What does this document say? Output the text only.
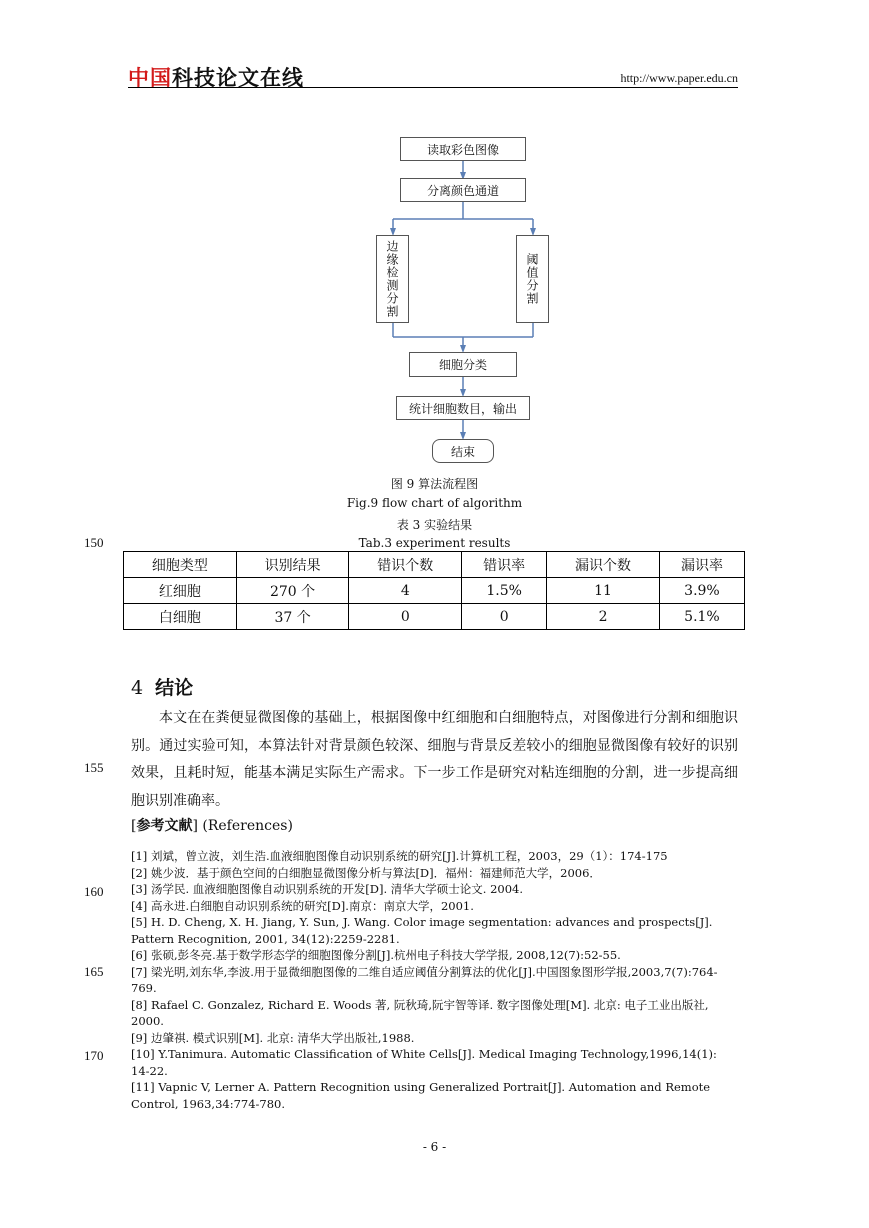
中国科技论文在线	http://www.paper.edu.cn
读取彩色图像
分离颜色通道
边缘检测分割	阈值分割
细胞分类
统计细胞数目，输出
结束
图 9 算法流程图
Fig.9 flow chart of algorithm
表 3 实验结果
Tab.3 experiment results
150
155
160
165
170
细胞类型	识别结果	错识个数	错识率	漏识个数	漏识率
红细胞	270 个	4	1.5%	11	3.9%
白细胞	37 个	0	0	2	5.1%
4 结论

本文在在粪便显微图像的基础上，根据图像中红细胞和白细胞特点，对图像进行分割和细胞识别。通过实验可知，本算法针对背景颜色较深、细胞与背景反差较小的细胞显微图像有较好的识别效果，且耗时短，能基本满足实际生产需求。下一步工作是研究对粘连细胞的分割，进一步提高细胞识别准确率。

[参考文献] (References)
[1] 刘斌，曾立波，刘生浩.血液细胞图像自动识别系统的研究[J].计算机工程，2003，29（1）：174-175
[2] 姚少波．基于颜色空间的白细胞显微图像分析与算法[D]．福州：福建师范大学，2006．
[3] 汤学民. 血液细胞图像自动识别系统的开发[D]. 清华大学硕士论文. 2004.
[4] 高永进.白细胞自动识别系统的研究[D].南京：南京大学，2001.
[5] H. D. Cheng, X. H. Jiang, Y. Sun, J. Wang. Color image segmentation: advances and prospects[J]. Pattern Recognition, 2001, 34(12):2259-2281.
[6] 张硕,彭冬亮.基于数学形态学的细胞图像分割[J].杭州电子科技大学学报, 2008,12(7):52-55.
[7] 梁光明,刘东华,李波.用于显微细胞图像的二维自适应阈值分割算法的优化[J].中国图象图形学报,2003,7(7):764-769.
[8] Rafael C. Gonzalez, Richard E. Woods 著, 阮秋琦,阮宇智等译. 数字图像处理[M]. 北京: 电子工业出版社, 2000.
[9] 边肇祺. 模式识别[M]. 北京: 清华大学出版社,1988.
[10] Y.Tanimura. Automatic Classification of White Cells[J]. Medical Imaging Technology,1996,14(1): 14-22.
[11] Vapnic V, Lerner A. Pattern Recognition using Generalized Portrait[J]. Automation and Remote Control, 1963,34:774-780.
- 6 -
